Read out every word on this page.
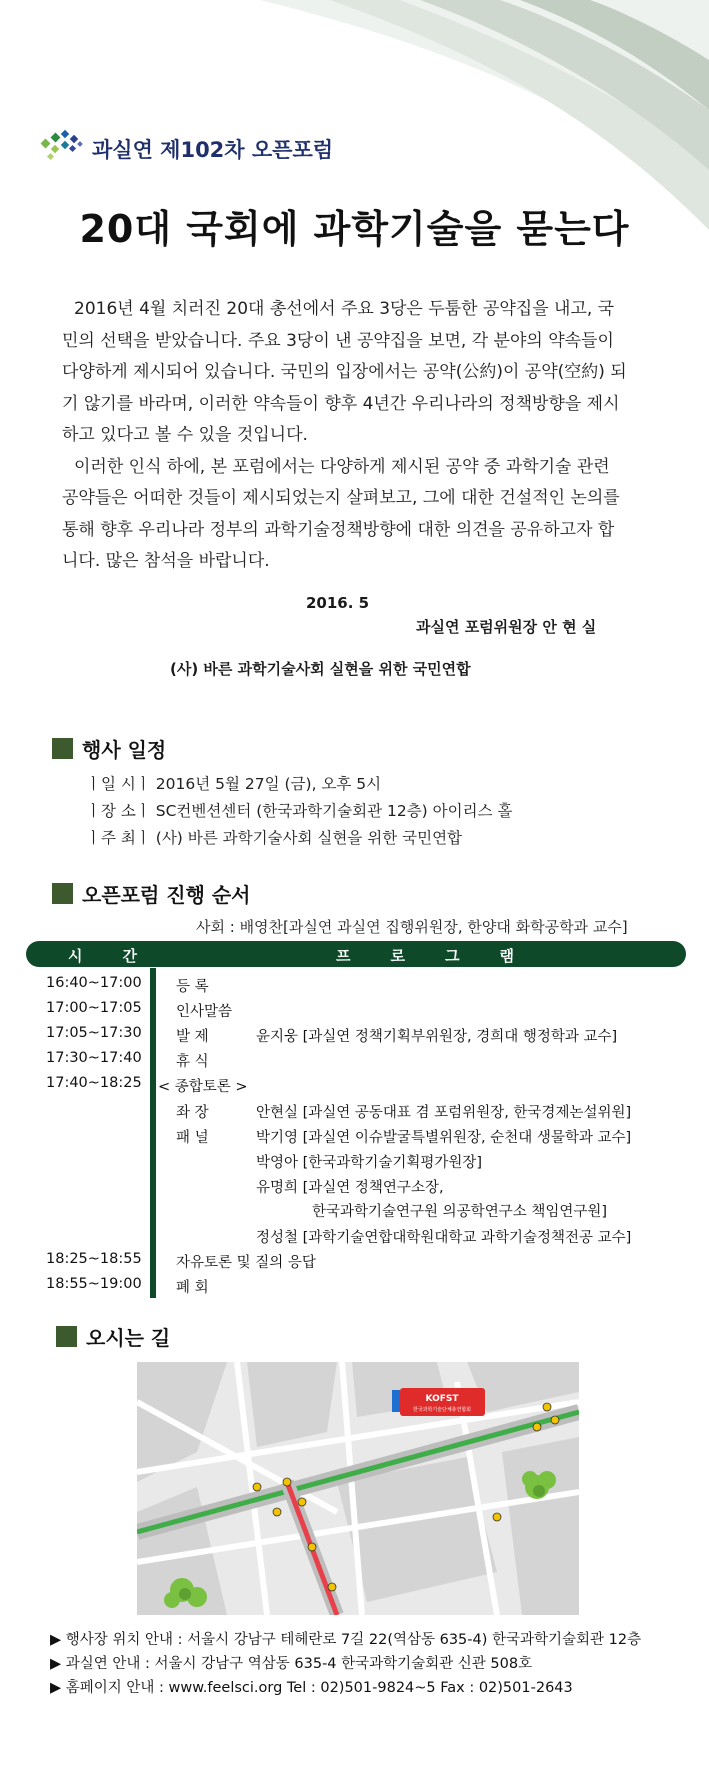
과실연 제102차 오픈포럼
20대 국회에 과학기술을 묻는다

2016년 4월 치러진 20대 총선에서 주요 3당은 두툼한 공약집을 내고, 국민의 선택을 받았습니다. 주요 3당이 낸 공약집을 보면, 각 분야의 약속들이 다양하게 제시되어 있습니다. 국민의 입장에서는 공약(公約)이 공약(空約) 되기 않기를 바라며, 이러한 약속들이 향후 4년간 우리나라의 정책방향을 제시하고 있다고 볼 수 있을 것입니다.

이러한 인식 하에, 본 포럼에서는 다양하게 제시된 공약 중 과학기술 관련 공약들은 어떠한 것들이 제시되었는지 살펴보고, 그에 대한 건설적인 논의를 통해 향후 우리나라 정부의 과학기술정책방향에 대한 의견을 공유하고자 합니다. 많은 참석을 바랍니다.

2016. 5
과실연 포럼위원장 안 현 실
(사) 바른 과학기술사회 실현을 위한 국민연합
행사 일정
ㅣ일 시ㅣ 2016년 5월 27일 (금), 오후 5시
ㅣ장 소ㅣ SC컨벤션센터 (한국과학기술회관 12층) 아이리스 홀
ㅣ주 최ㅣ (사) 바른 과학기술사회 실현을 위한 국민연합
오픈포럼 진행 순서
사회 : 배영찬[과실연 과실연 집행위원장, 한양대 화학공학과 교수]
시간	프로그램
16:40~17:00 등 록
17:00~17:05 인사말씀
17:05~17:30 발 제	윤지웅 [과실연 정책기획부위원장, 경희대 행정학과 교수]
17:30~17:40 휴 식
17:40~18:25 < 종합토론 >
좌 장	안현실 [과실연 공동대표 겸 포럼위원장, 한국경제논설위원]
패 널	박기영 [과실연 이슈발굴특별위원장, 순천대 생물학과 교수]
박영아 [한국과학기술기획평가원장]
유명희 [과실연 정책연구소장,
한국과학기술연구원 의공학연구소 책임연구원]
정성철 [과학기술연합대학원대학교 과학기술정책전공 교수]
18:25~18:55 자유토론 및 질의 응답
18:55~19:00 폐 회
오시는 길
KOFST
한국과학기술단체총연합회
▶ 행사장 위치 안내 : 서울시 강남구 테헤란로 7길 22(역삼동 635-4) 한국과학기술회관 12층
▶ 과실연 안내 : 서울시 강남구 역삼동 635-4 한국과학기술회관 신관 508호
▶ 홈페이지 안내 : www.feelsci.org Tel : 02)501-9824~5 Fax : 02)501-2643
